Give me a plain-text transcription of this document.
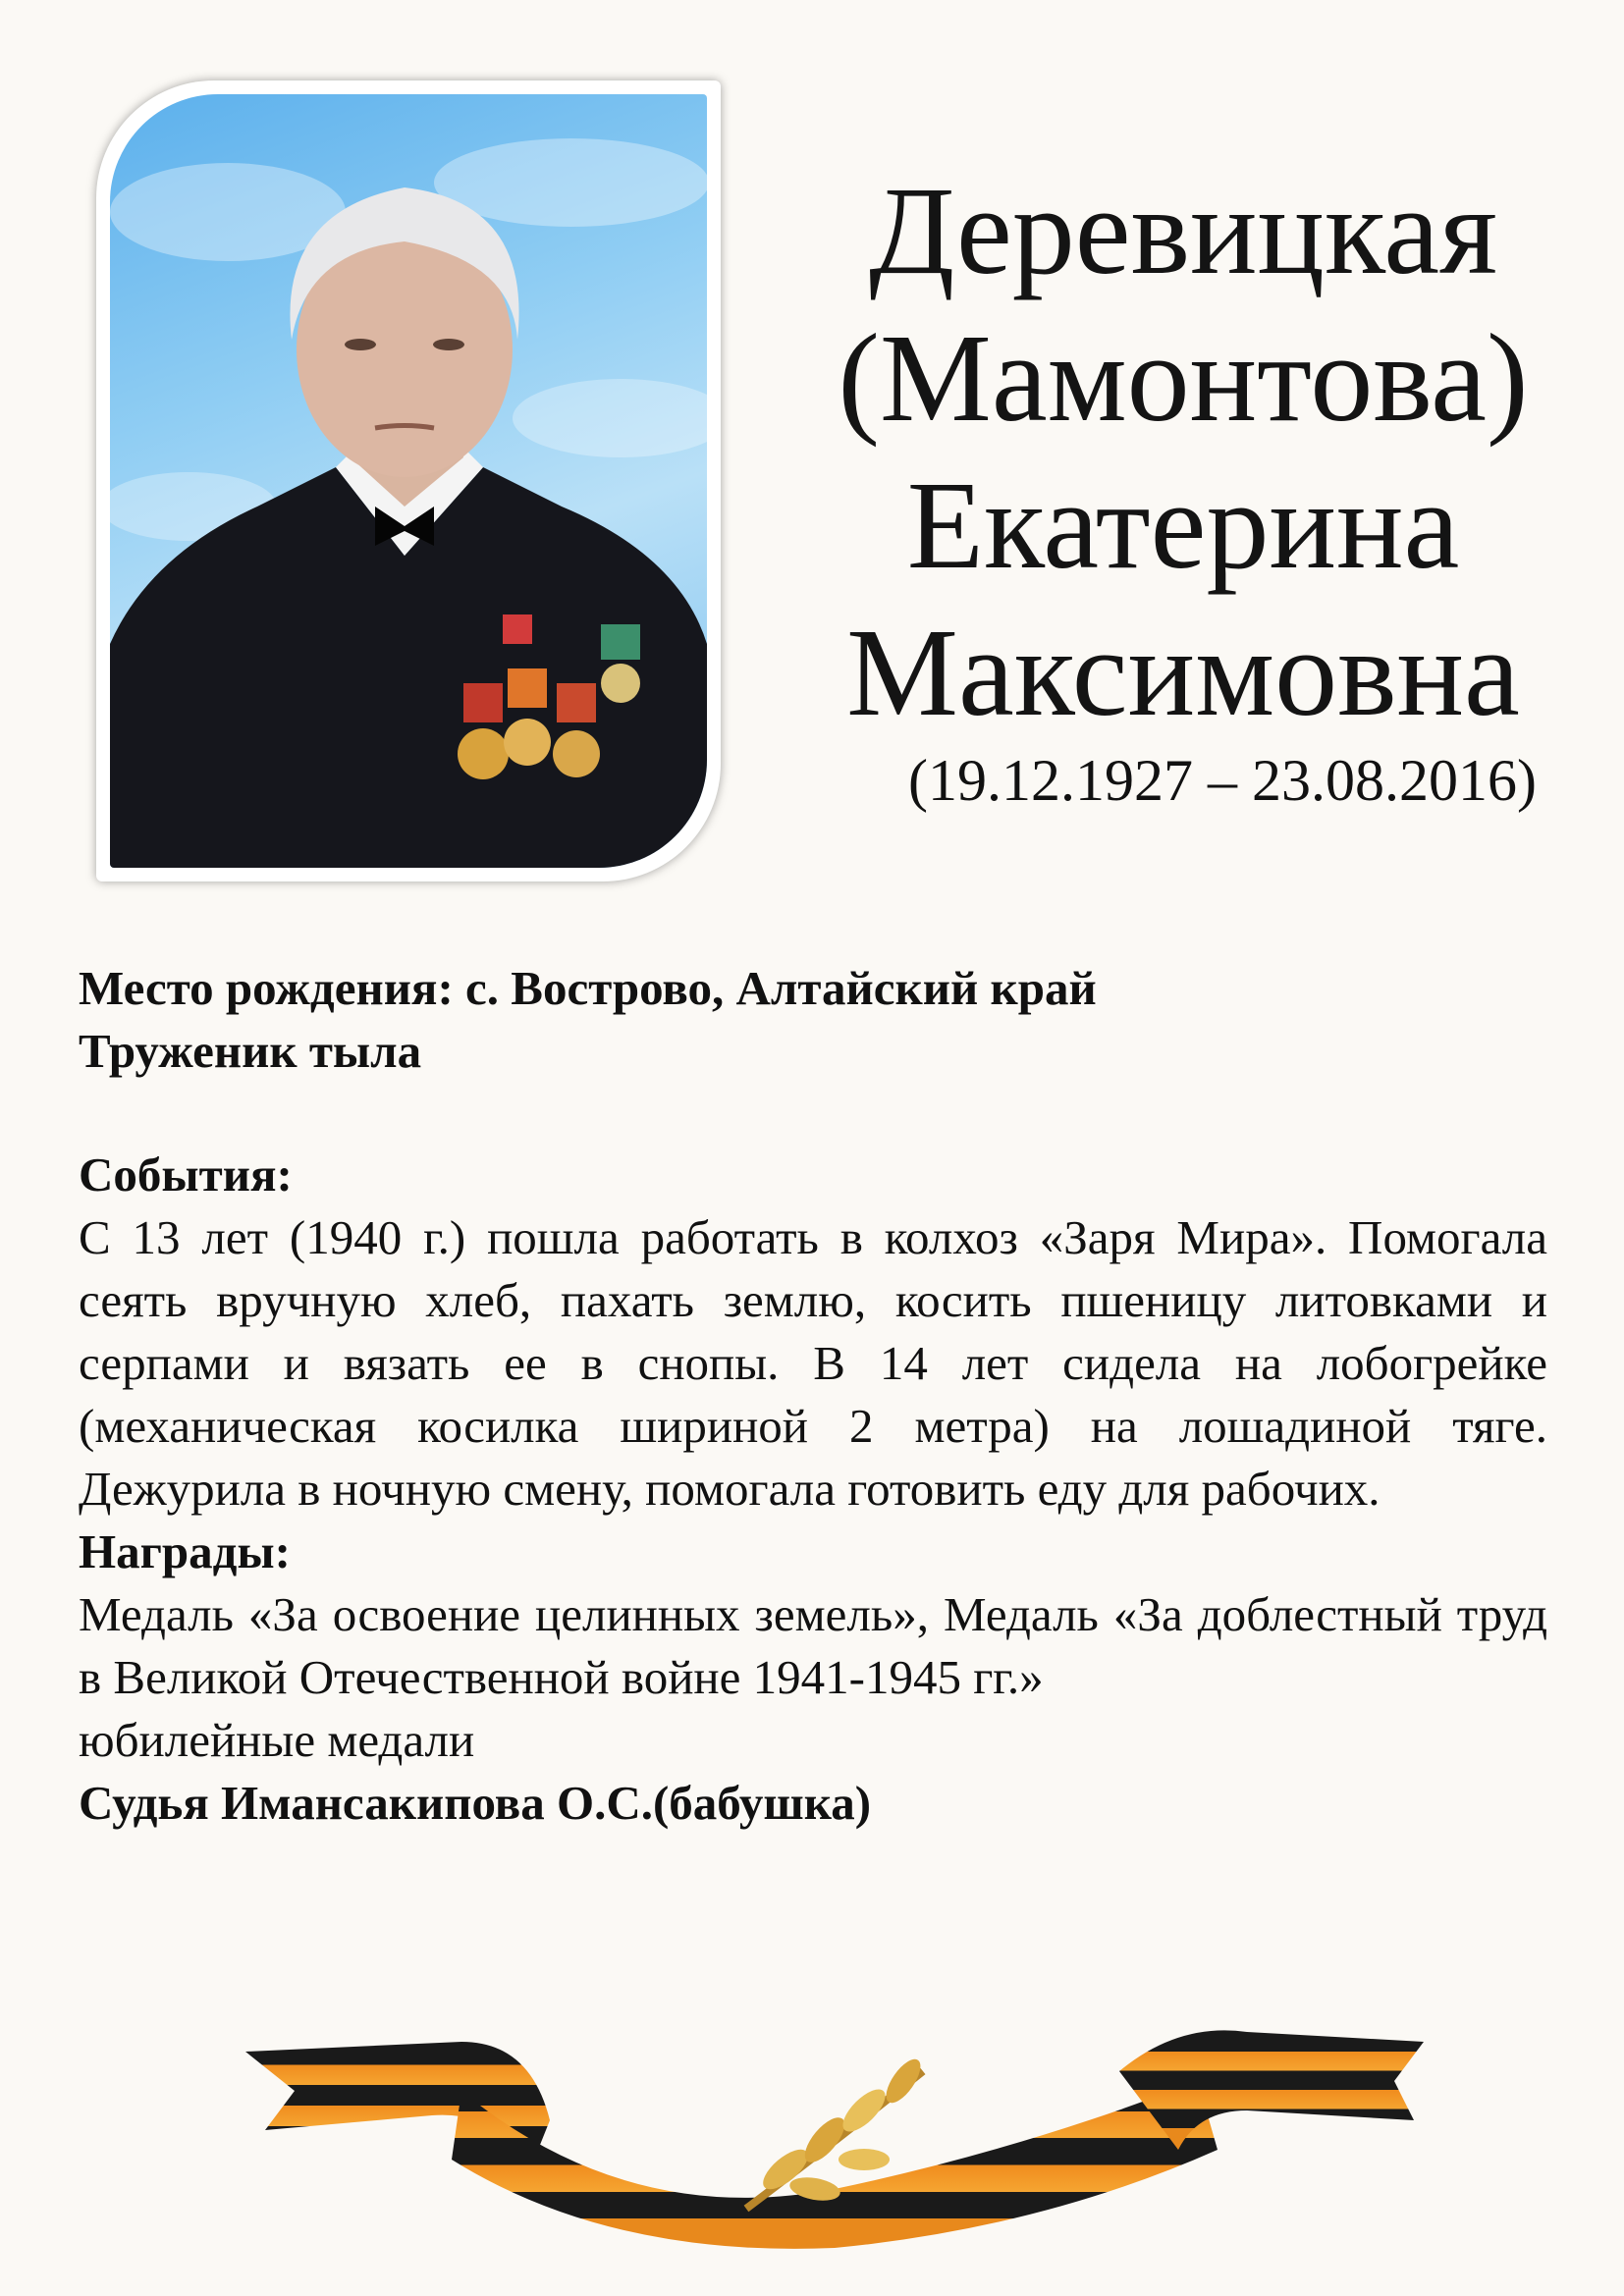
Деревицкая
(Мамонтова)
Екатерина
Максимовна
(19.12.1927 – 23.08.2016)

Место рождения: с. Вострово, Алтайский край

Труженик тыла

События:

С 13 лет (1940 г.) пошла работать в колхоз «Заря Мира». Помогала сеять вручную хлеб, пахать землю, косить пшеницу литовками и серпами и вязать ее в снопы. В 14 лет сидела на лобогрейке (механическая косилка шириной 2 метра) на лошадиной тяге. Дежурила в ночную смену, помогала готовить еду для рабочих.

Награды:

Медаль «За освоение целинных земель», Медаль «За доблестный труд в Великой Отечественной войне 1941-1945 гг.»

юбилейные медали

Судья Имансакипова О.С.(бабушка)
